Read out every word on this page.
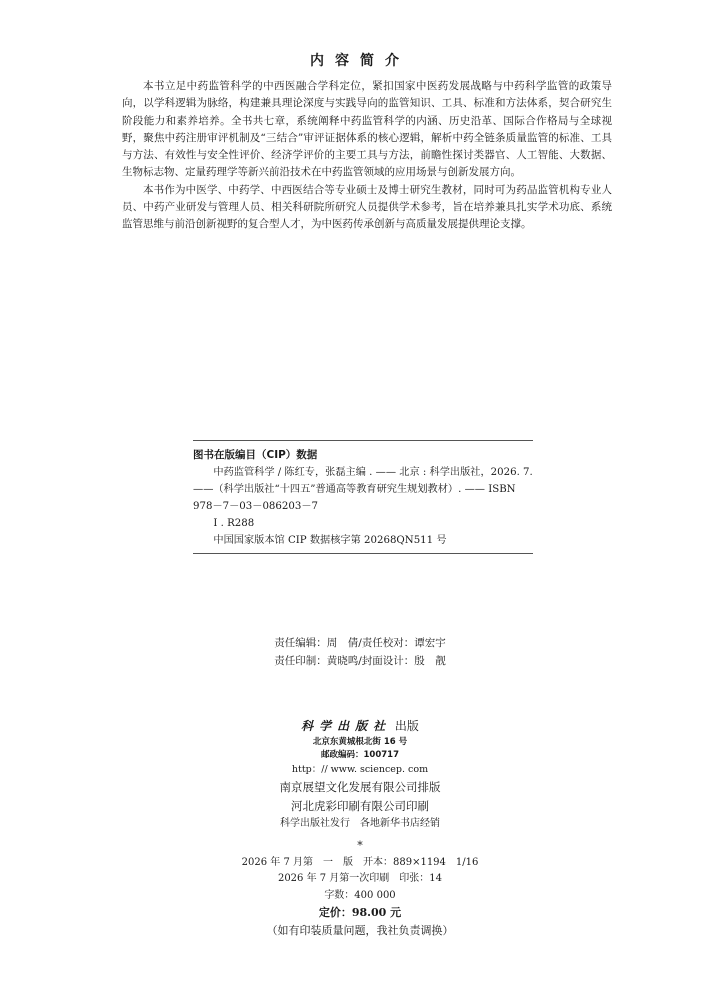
内容简介

本书立足中药监管科学的中西医融合学科定位，紧扣国家中医药发展战略与中药科学监管的政策导向，以学科逻辑为脉络，构建兼具理论深度与实践导向的监管知识、工具、标准和方法体系，契合研究生阶段能力和素养培养。全书共七章，系统阐释中药监管科学的内涵、历史沿革、国际合作格局与全球视野，聚焦中药注册审评机制及“三结合”审评证据体系的核心逻辑，解析中药全链条质量监管的标准、工具与方法、有效性与安全性评价、经济学评价的主要工具与方法，前瞻性探讨类器官、人工智能、大数据、生物标志物、定量药理学等新兴前沿技术在中药监管领域的应用场景与创新发展方向。

本书作为中医学、中药学、中西医结合等专业硕士及博士研究生教材，同时可为药品监管机构专业人员、中药产业研发与管理人员、相关科研院所研究人员提供学术参考，旨在培养兼具扎实学术功底、系统监管思维与前沿创新视野的复合型人才，为中医药传承创新与高质量发展提供理论支撑。

图书在版编目（CIP）数据

中药监管科学 / 陈红专，张磊主编 . —— 北京 : 科学出版社，2026. 7. ——（科学出版社“十四五”普通高等教育研究生规划教材）. —— ISBN 978－7－03－086203－7

Ⅰ . R288

中国国家版本馆 CIP 数据核字第 20268QN511 号

责任编辑：周　倩/责任校对：谭宏宇
责任印制：黄晓鸣/封面设计：殷　靓
科学出版社 出版
北京东黄城根北街 16 号
邮政编码：100717
http：// www. sciencep. com
南京展望文化发展有限公司排版
河北虎彩印刷有限公司印刷
科学出版社发行　各地新华书店经销
*
2026 年 7 月第　一　版　开本：889×1194　1/16
2026 年 7 月第一次印刷　印张：14
字数：400 000
定价：98.00 元
（如有印装质量问题，我社负责调换）
